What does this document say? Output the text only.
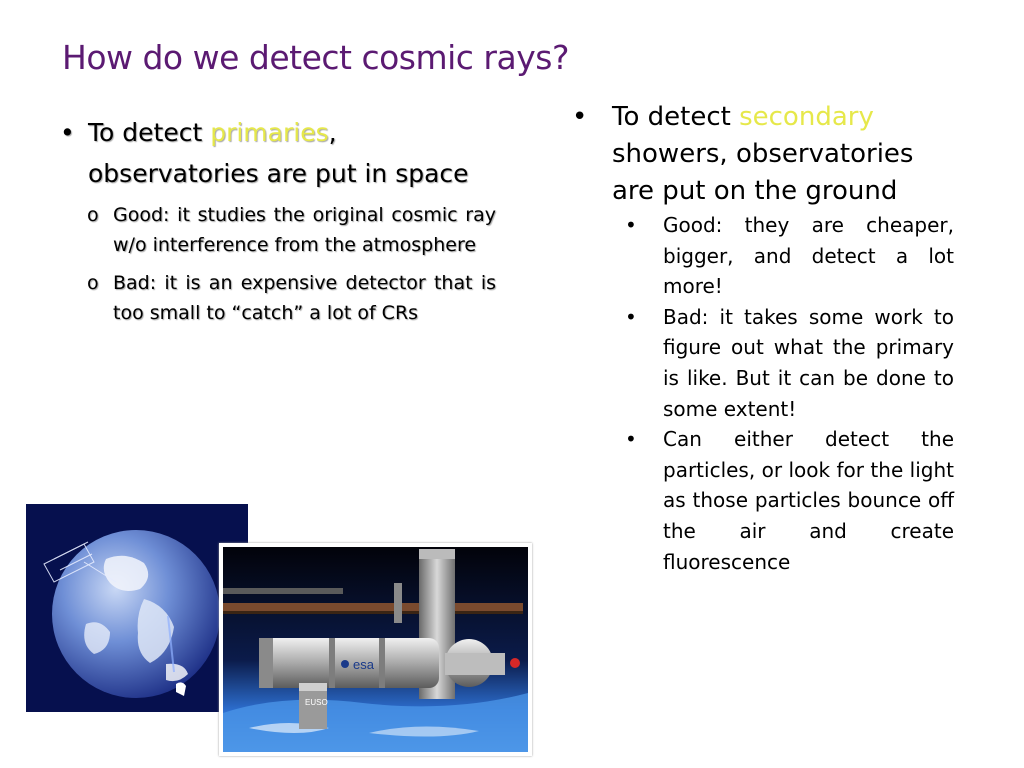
How do we detect cosmic rays?
• To detect primaries, observatories are put in space
o Good: it studies the original cosmic ray w/o interference from the atmosphere
o Bad: it is an expensive detector that is too small to “catch” a lot of CRs
• To detect secondary showers, observatories are put on the ground
• Good: they are cheaper, bigger, and detect a lot more!
• Bad: it takes some work to figure out what the primary is like. But it can be done to some extent!
• Can either detect the particles, or look for the light as those particles bounce off the air and create fluorescence
esa
EUSO
